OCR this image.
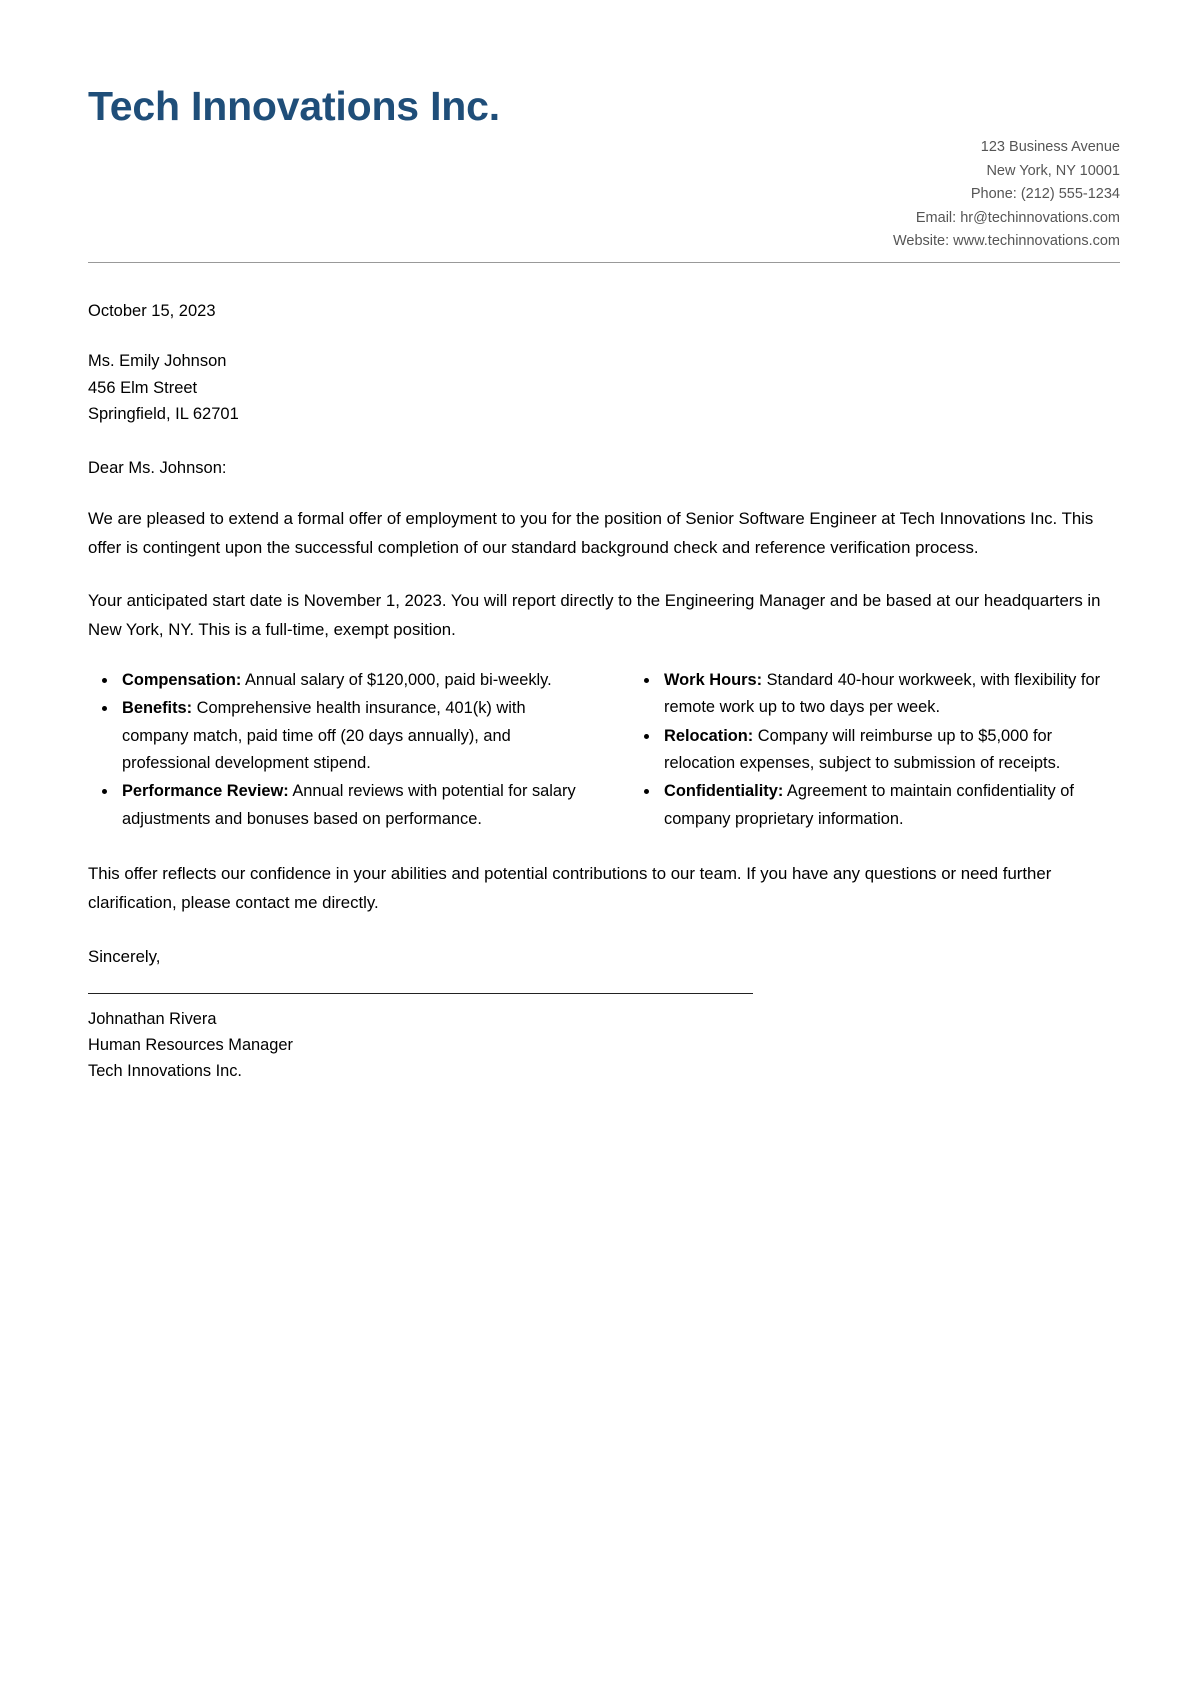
Tech Innovations Inc.
123 Business Avenue
New York, NY 10001
Phone: (212) 555-1234
Email: hr@techinnovations.com
Website: www.techinnovations.com
October 15, 2023
Ms. Emily Johnson
456 Elm Street
Springfield, IL 62701
Dear Ms. Johnson:

We are pleased to extend a formal offer of employment to you for the position of Senior Software Engineer at Tech Innovations Inc. This offer is contingent upon the successful completion of our standard background check and reference verification process.

Your anticipated start date is November 1, 2023. You will report directly to the Engineering Manager and be based at our headquarters in New York, NY. This is a full-time, exempt position.

• Compensation: Annual salary of $120,000, paid bi-weekly.
• Benefits: Comprehensive health insurance, 401(k) with company match, paid time off (20 days annually), and professional development stipend.
• Performance Review: Annual reviews with potential for salary adjustments and bonuses based on performance.
• Work Hours: Standard 40-hour workweek, with flexibility for remote work up to two days per week.
• Relocation: Company will reimburse up to $5,000 for relocation expenses, subject to submission of receipts.
• Confidentiality: Agreement to maintain confidentiality of company proprietary information.

This offer reflects our confidence in your abilities and potential contributions to our team. If you have any questions or need further clarification, please contact me directly.

Sincerely,
Johnathan Rivera
Human Resources Manager
Tech Innovations Inc.
